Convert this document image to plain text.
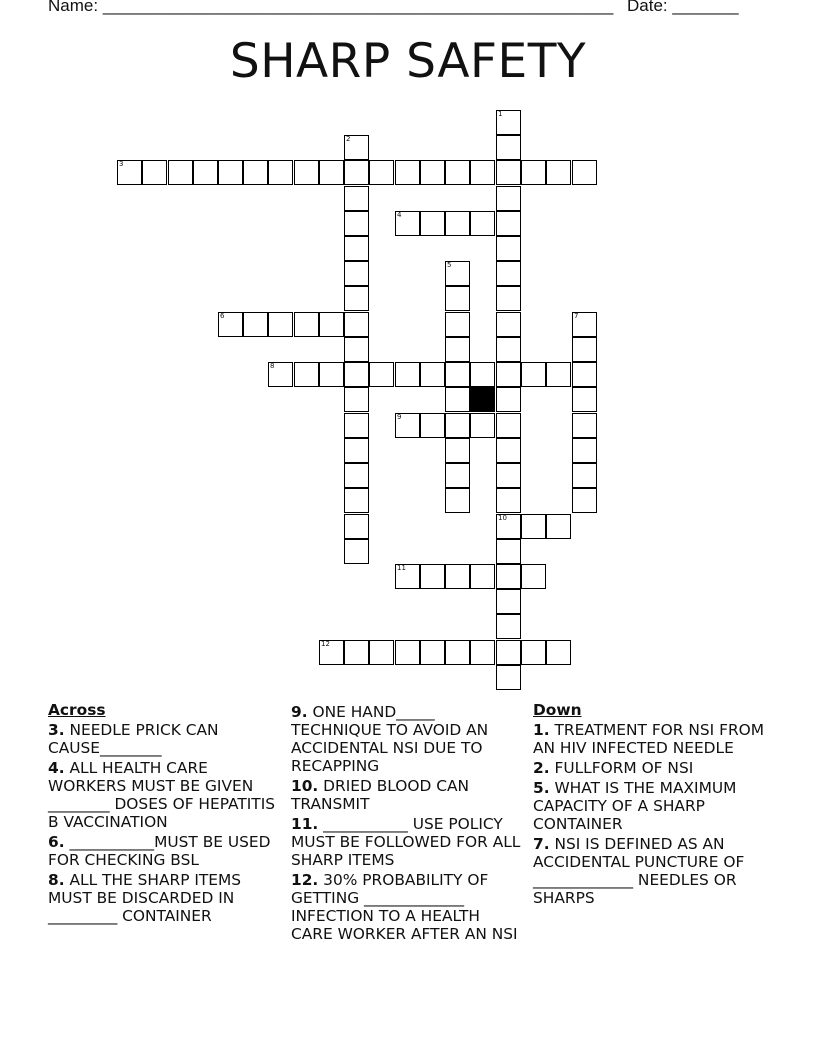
Name: ______________________________________________________ Date: _______
SHARP SAFETY
1
2
3
4
5
6	7
8
9
10
11
12
Across
3. NEEDLE PRICK CAN CAUSE________
4. ALL HEALTH CARE WORKERS MUST BE GIVEN ________ DOSES OF HEPATITIS B VACCINATION
6. ___________MUST BE USED FOR CHECKING BSL
8. ALL THE SHARP ITEMS MUST BE DISCARDED IN _________ CONTAINER
9. ONE HAND_____ TECHNIQUE TO AVOID AN ACCIDENTAL NSI DUE TO RECAPPING
10. DRIED BLOOD CAN TRANSMIT
11. ___________ USE POLICY MUST BE FOLLOWED FOR ALL SHARP ITEMS
12. 30% PROBABILITY OF GETTING _____________ INFECTION TO A HEALTH CARE WORKER AFTER AN NSI
Down
1. TREATMENT FOR NSI FROM AN HIV INFECTED NEEDLE
2. FULLFORM OF NSI
5. WHAT IS THE MAXIMUM CAPACITY OF A SHARP CONTAINER
7. NSI IS DEFINED AS AN ACCIDENTAL PUNCTURE OF _____________ NEEDLES OR SHARPS
